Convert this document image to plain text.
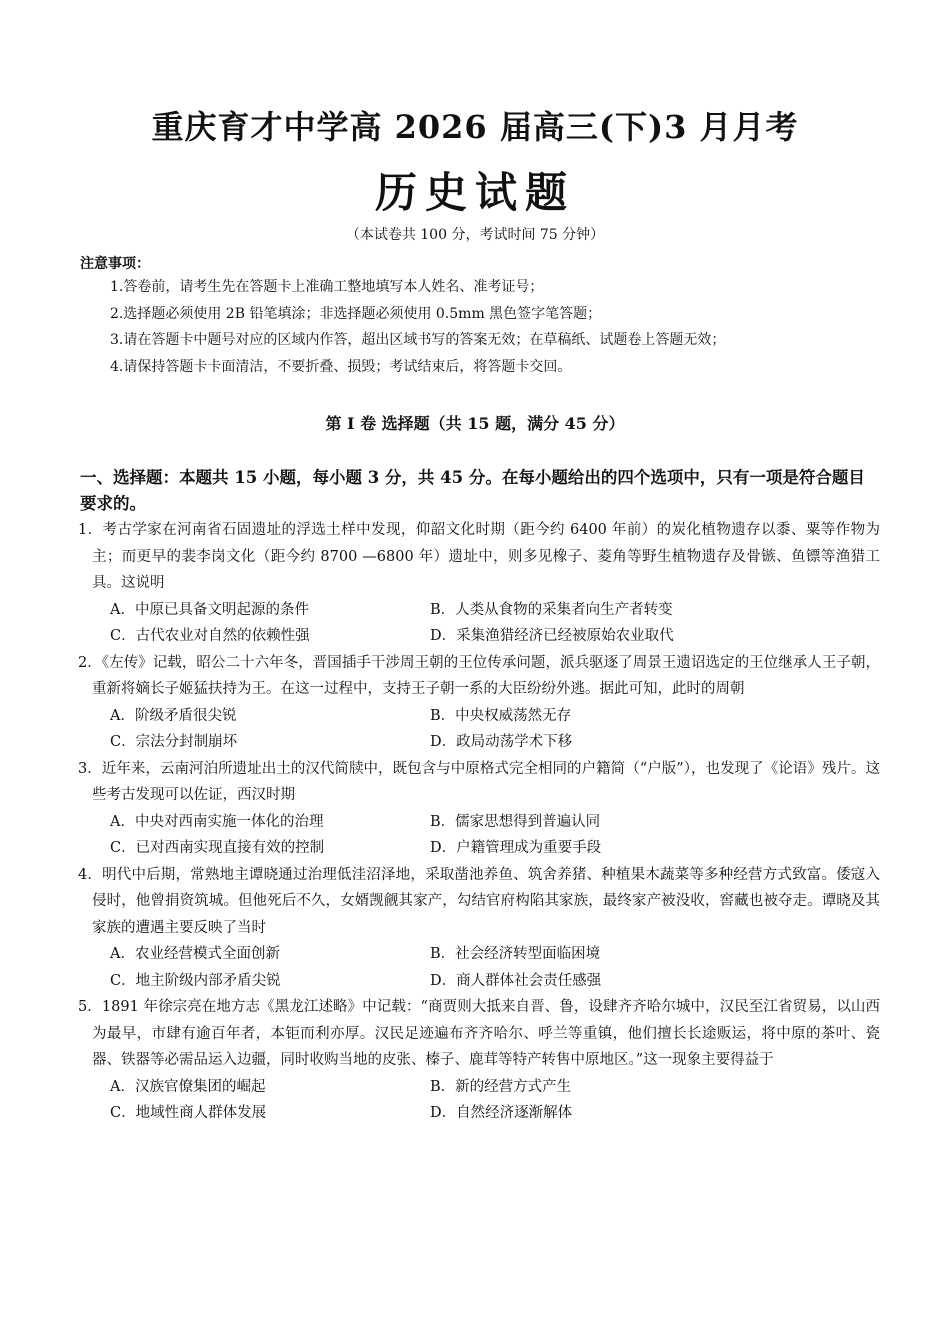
重庆育才中学高 2026 届高三(下)3 月月考
历史试题
（本试卷共 100 分，考试时间 75 分钟）
注意事项：
1.答卷前，请考生先在答题卡上准确工整地填写本人姓名、准考证号；
2.选择题必须使用 2B 铅笔填涂；非选择题必须使用 0.5mm 黑色签字笔答题；
3.请在答题卡中题号对应的区域内作答，超出区域书写的答案无效；在草稿纸、试题卷上答题无效；
4.请保持答题卡卡面清洁，不要折叠、损毁；考试结束后，将答题卡交回。
第 I 卷 选择题（共 15 题，满分 45 分）
一、选择题：本题共 15 小题，每小题 3 分，共 45 分。在每小题给出的四个选项中，只有一项是符合题目要求的。
1．考古学家在河南省石固遗址的浮选土样中发现，仰韶文化时期（距今约 6400 年前）的炭化植物遗存以黍、粟等作物为主；而更早的裴李岗文化（距今约 8700 —6800 年）遗址中，则多见橡子、菱角等野生植物遗存及骨镞、鱼镖等渔猎工具。这说明
A．中原已具备文明起源的条件	B．人类从食物的采集者向生产者转变
C．古代农业对自然的依赖性强	D．采集渔猎经济已经被原始农业取代
2．《左传》记载，昭公二十六年冬，晋国插手干涉周王朝的王位传承问题，派兵驱逐了周景王遗诏选定的王位继承人王子朝，重新将嫡长子姬猛扶持为王。在这一过程中，支持王子朝一系的大臣纷纷外逃。据此可知，此时的周朝
A．阶级矛盾很尖锐	B．中央权威荡然无存
C．宗法分封制崩坏	D．政局动荡学术下移
3．近年来，云南河泊所遗址出土的汉代简牍中，既包含与中原格式完全相同的户籍简（“户版”），也发现了《论语》残片。这些考古发现可以佐证，西汉时期
A．中央对西南实施一体化的治理	B．儒家思想得到普遍认同
C．已对西南实现直接有效的控制	D．户籍管理成为重要手段
4．明代中后期，常熟地主谭晓通过治理低洼沼泽地，采取凿池养鱼、筑舍养猪、种植果木蔬菜等多种经营方式致富。倭寇入侵时，他曾捐资筑城。但他死后不久，女婿觊觎其家产，勾结官府构陷其家族，最终家产被没收，窖藏也被夺走。谭晓及其家族的遭遇主要反映了当时
A．农业经营模式全面创新	B．社会经济转型面临困境
C．地主阶级内部矛盾尖锐	D．商人群体社会责任感强
5．1891 年徐宗亮在地方志《黑龙江述略》中记载：“商贾则大抵来自晋、鲁，设肆齐齐哈尔城中，汉民至江省贸易，以山西为最早，市肆有逾百年者，本钜而利亦厚。汉民足迹遍布齐齐哈尔、呼兰等重镇，他们擅长长途贩运，将中原的茶叶、瓷器、铁器等必需品运入边疆，同时收购当地的皮张、榛子、鹿茸等特产转售中原地区。”这一现象主要得益于
A．汉族官僚集团的崛起	B．新的经营方式产生
C．地域性商人群体发展	D．自然经济逐渐解体
